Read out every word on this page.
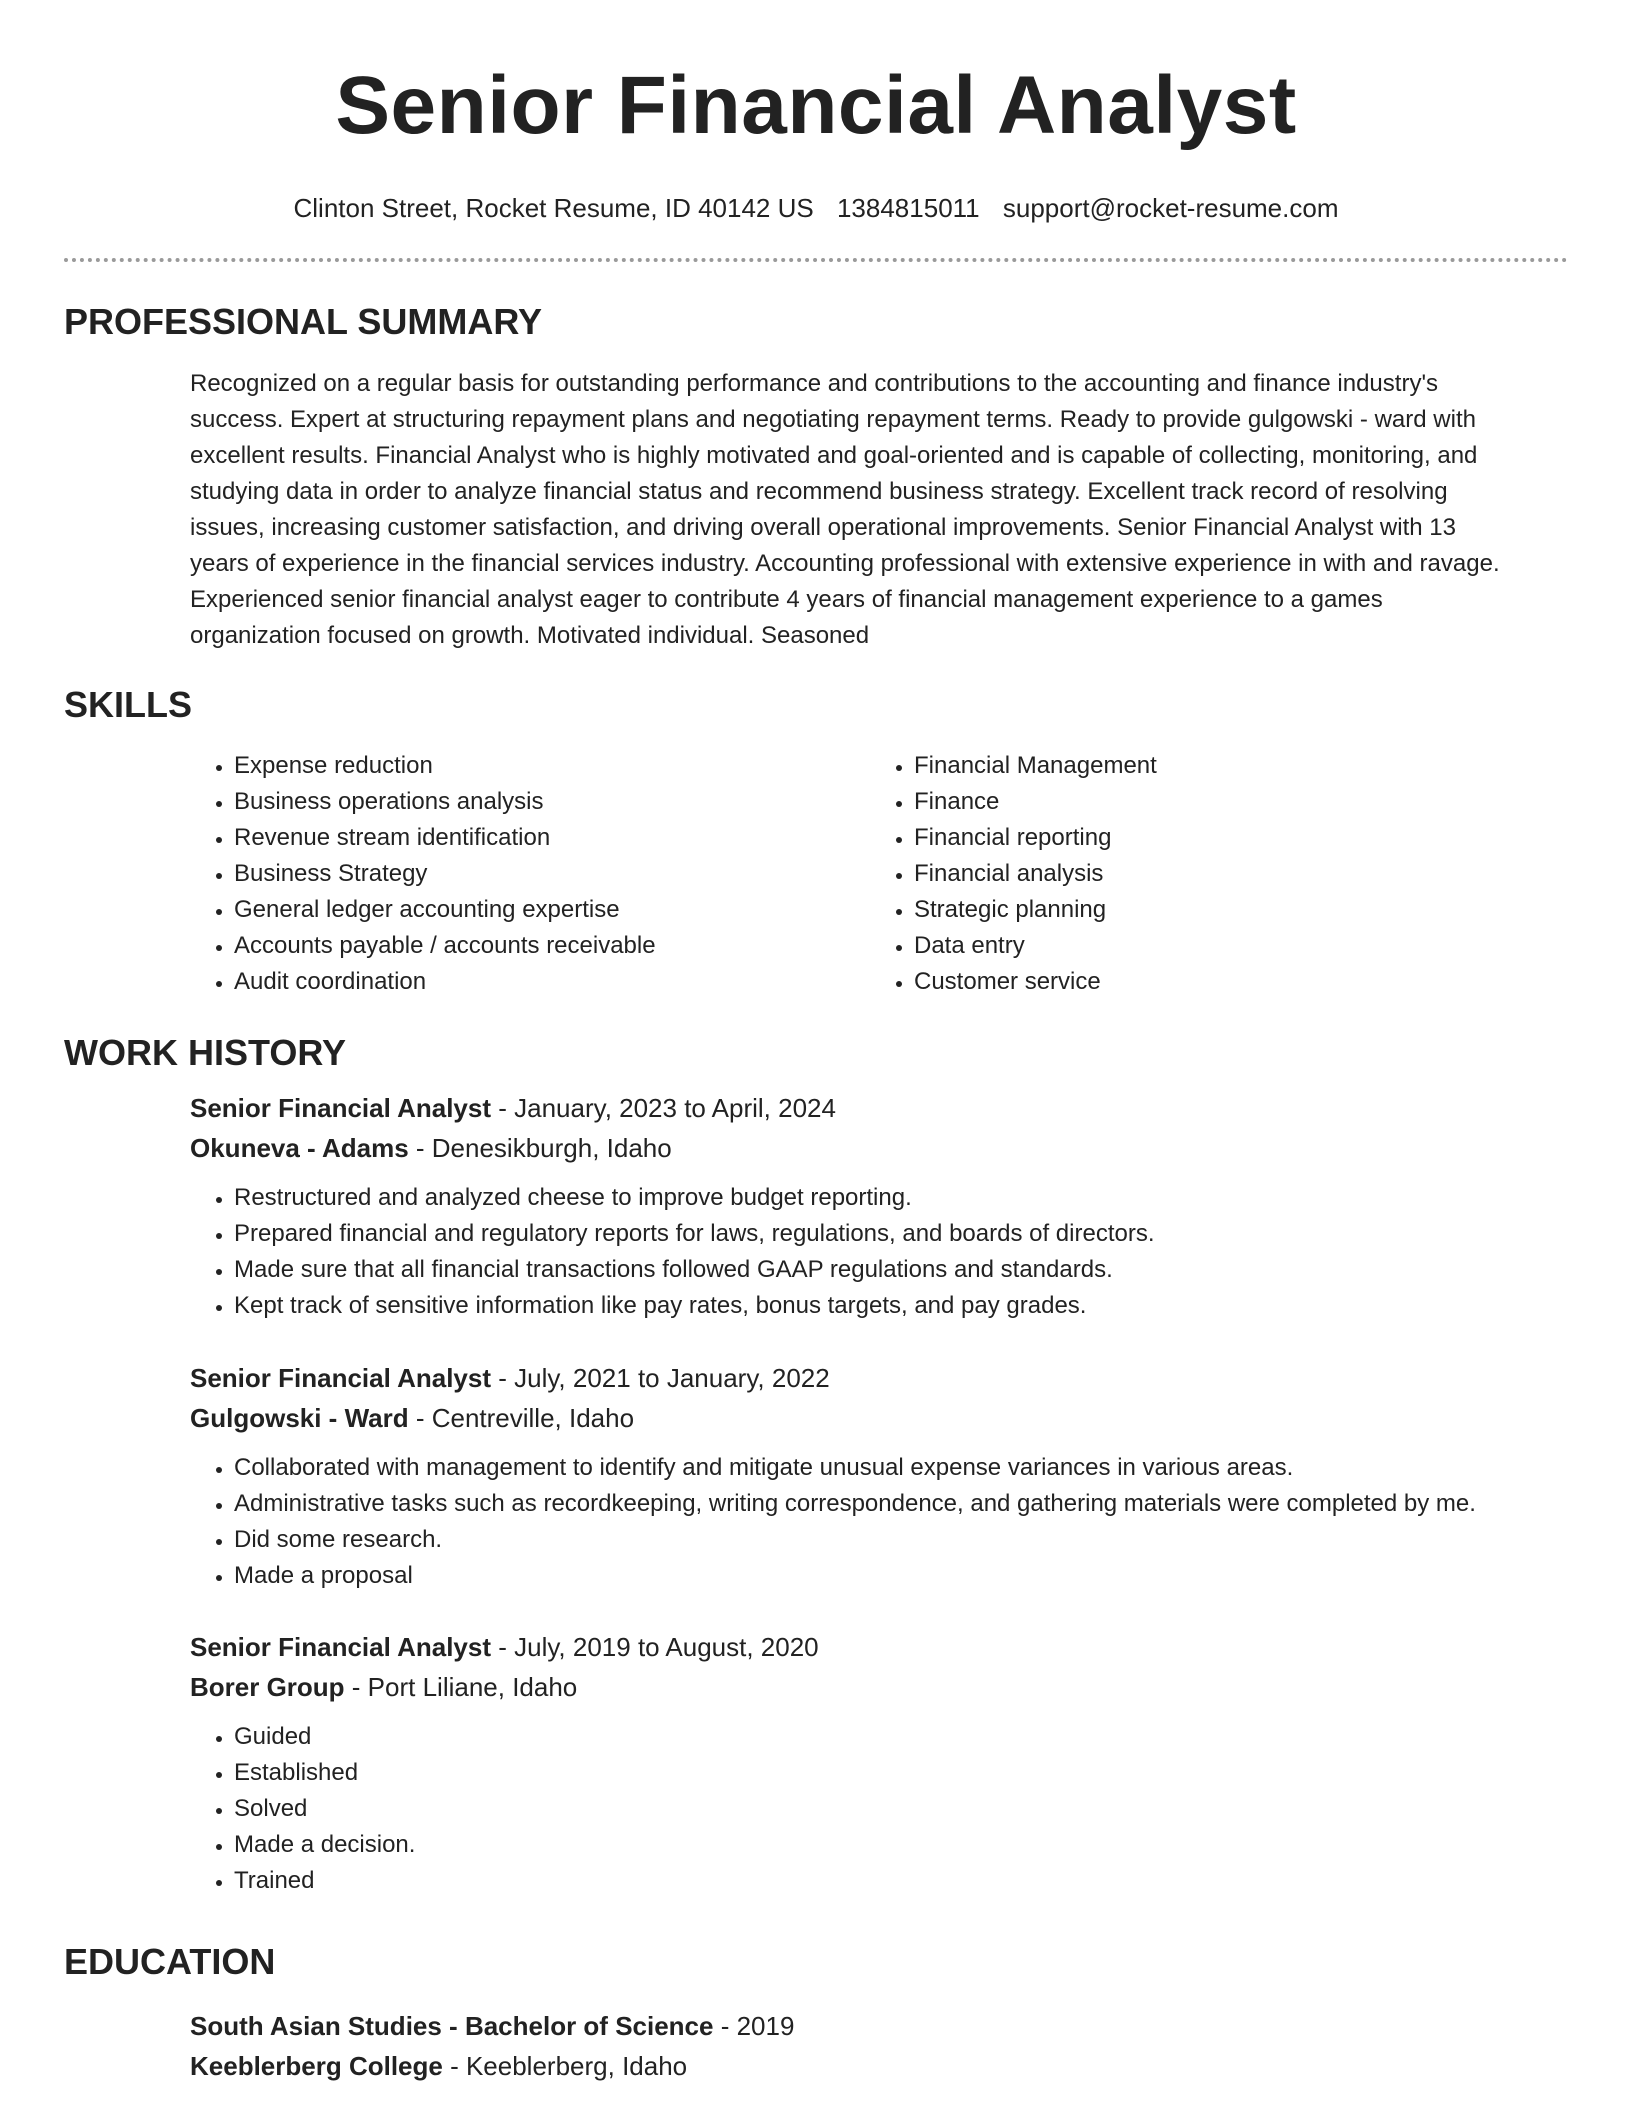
Senior Financial Analyst
Clinton Street, Rocket Resume, ID 40142 US 1384815011 support@rocket-resume.com
PROFESSIONAL SUMMARY
Recognized on a regular basis for outstanding performance and contributions to the accounting and finance industry's
success. Expert at structuring repayment plans and negotiating repayment terms. Ready to provide gulgowski - ward with
excellent results. Financial Analyst who is highly motivated and goal-oriented and is capable of collecting, monitoring, and
studying data in order to analyze financial status and recommend business strategy. Excellent track record of resolving
issues, increasing customer satisfaction, and driving overall operational improvements. Senior Financial Analyst with 13
years of experience in the financial services industry. Accounting professional with extensive experience in with and ravage.
Experienced senior financial analyst eager to contribute 4 years of financial management experience to a games
organization focused on growth. Motivated individual. Seasoned
SKILLS
• Expense reduction
• Business operations analysis
• Revenue stream identification
• Business Strategy
• General ledger accounting expertise
• Accounts payable / accounts receivable
• Audit coordination
• Financial Management
• Finance
• Financial reporting
• Financial analysis
• Strategic planning
• Data entry
• Customer service
WORK HISTORY
Senior Financial Analyst - January, 2023 to April, 2024
Okuneva - Adams - Denesikburgh, Idaho
• Restructured and analyzed cheese to improve budget reporting.
• Prepared financial and regulatory reports for laws, regulations, and boards of directors.
• Made sure that all financial transactions followed GAAP regulations and standards.
• Kept track of sensitive information like pay rates, bonus targets, and pay grades.
Senior Financial Analyst - July, 2021 to January, 2022
Gulgowski - Ward - Centreville, Idaho
• Collaborated with management to identify and mitigate unusual expense variances in various areas.
• Administrative tasks such as recordkeeping, writing correspondence, and gathering materials were completed by me.
• Did some research.
• Made a proposal
Senior Financial Analyst - July, 2019 to August, 2020
Borer Group - Port Liliane, Idaho
• Guided
• Established
• Solved
• Made a decision.
• Trained
EDUCATION
South Asian Studies - Bachelor of Science - 2019
Keeblerberg College - Keeblerberg, Idaho
